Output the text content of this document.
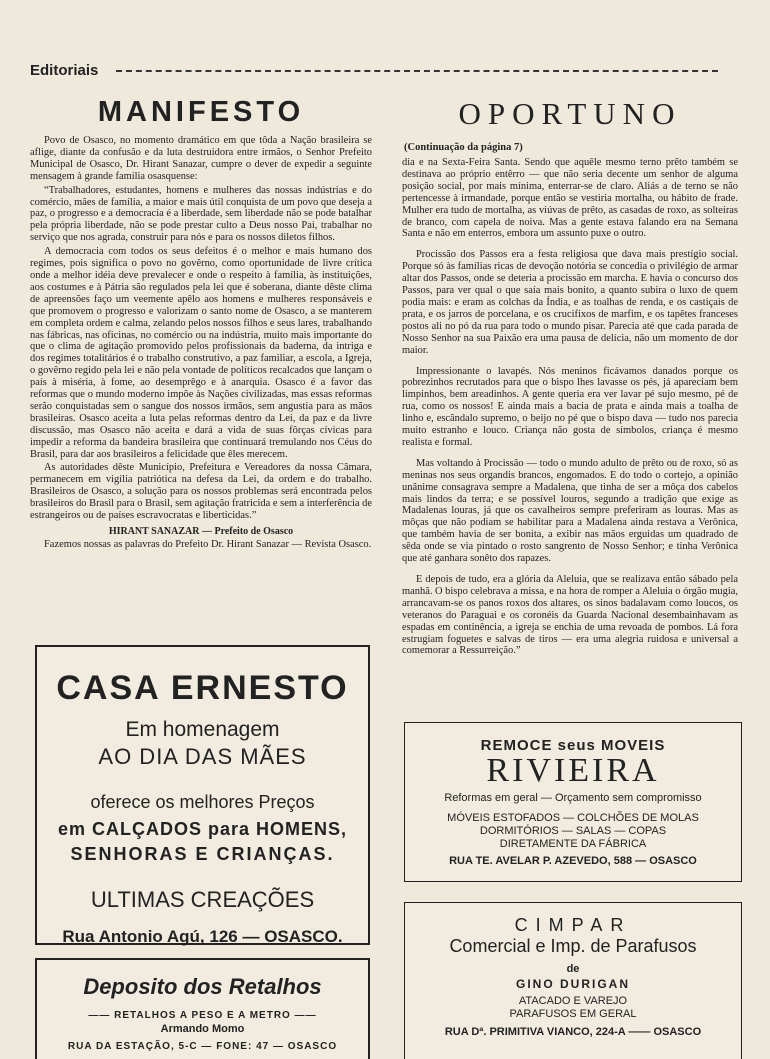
Editoriais
MANIFESTO

Povo de Osasco, no momento dramático em que tôda a Nação brasileira se aflige, diante da confusão e da luta destruidora entre irmãos, o Senhor Prefeito Municipal de Osasco, Dr. Hirant Sanazar, cumpre o dever de expedir a seguinte mensagem à grande família osasquense:

“Trabalhadores, estudantes, homens e mulheres das nossas indústrias e do comércio, mães de família, a maior e mais útil conquista de um povo que deseja a paz, o progresso e a democracia é a liberdade, sem liberdade não se pode batalhar pela própria liberdade, não se pode prestar culto a Deus nosso Pai, trabalhar no serviço que nos agrada, construir para nós e para os nossos diletos filhos.

A democracia com todos os seus defeitos é o melhor e mais humano dos regimes, pois significa o povo no govêrno, como oportunidade de livre crítica onde a melhor idéia deve prevalecer e onde o respeito à família, às instituições, aos costumes e à Pátria são regulados pela lei que é soberana, diante dêste clima de apreensões faço um veemente apêlo aos homens e mulheres responsáveis e que promovem o progresso e valorizam o santo nome de Osasco, a se manterem em completa ordem e calma, zelando pelos nossos filhos e seus lares, trabalhando nas fábricas, nas oficinas, no comércio ou na indústria, muito mais importante do que o clima de agitação promovido pelos profissionais da baderna, da intriga e dos regimes totalitários é o trabalho construtivo, a paz familiar, a escola, a Igreja, o govêrno regido pela lei e não pela vontade de políticos recalcados que lançam o país à miséria, à fome, ao desemprêgo e à anarquia. Osasco é a favor das reformas que o mundo moderno impõe às Nações civilizadas, mas essas reformas serão conquistadas sem o sangue dos nossos irmãos, sem angustia para as mãos brasileiras. Osasco aceita a luta pelas reformas dentro da Lei, da paz e da livre discussão, mas Osasco não aceita e dará a vida de suas fôrças cívicas para impedir a reforma da bandeira brasileira que continuará tremulando nos Céus do Brasil, para dar aos brasileiros a felicidade que êles merecem.

As autoridades dêste Município, Prefeitura e Vereadores da nossa Câmara, permanecem em vigília patriótica na defesa da Lei, da ordem e do trabalho. Brasileiros de Osasco, a solução para os nossos problemas será encontrada pelos brasileiros do Brasil para o Brasil, sem agitação fratricida e sem a interferência de estrangeiros ou de países escravocratas e liberticidas.”

HIRANT SANAZAR — Prefeito de Osasco

Fazemos nossas as palavras do Prefeito Dr. Hirant Sanazar — Revista Osasco.

OPORTUNO
(Continuação da página 7)

dia e na Sexta-Feira Santa. Sendo que aquêle mesmo terno prêto também se destinava ao próprio entêrro — que não seria decente um senhor de alguma posição social, por mais mínima, enterrar-se de claro. Aliás a de terno se não pertencesse à irmandade, porque então se vestiria mortalha, ou hábito de frade. Mulher era tudo de mortalha, as viúvas de prêto, as casadas de roxo, as solteiras de branco, com capela de noiva. Mas a gente estava falando era na Semana Santa e não em enterros, embora um assunto puxe o outro.

Procissão dos Passos era a festa religiosa que dava mais prestígio social. Porque só às famílias ricas de devoção notória se concedia o privilégio de armar altar dos Passos, onde se deteria a procissão em marcha. E havia o concurso dos Passos, para ver qual o que saía mais bonito, a quanto subira o luxo de quem podia mais: e eram as colchas da Índia, e as toalhas de renda, e os castiçais de prata, e os jarros de porcelana, e os crucifixos de marfim, e os tapêtes franceses postos ali no pó da rua para todo o mundo pisar. Parecia até que cada parada de Nosso Senhor na sua Paixão era uma pausa de delícia, não um momento de dor maior.

Impressionante o lavapés. Nós meninos ficávamos danados porque os pobrezinhos recrutados para que o bispo lhes lavasse os pés, já apareciam bem limpinhos, bem areadinhos. A gente queria era ver lavar pé sujo mesmo, pé de rua, como os nossos! E ainda mais a bacia de prata e ainda mais a toalha de linho e, escândalo supremo, o beijo no pé que o bispo dava — tudo nos parecia muito estranho e louco. Criança não gosta de símbolos, criança é mesmo realista e formal.

Mas voltando à Procissão — todo o mundo adulto de prêto ou de roxo, só as meninas nos seus organdis brancos, engomados. E do todo o cortejo, a opinião unânime consagrava sempre a Madalena, que tinha de ser a môça dos cabelos mais lindos da terra; e se possível louros, segundo a tradição que exige as Madalenas louras, já que os cavalheiros sempre preferiram as louras. Mas as môças que não podiam se habilitar para a Madalena ainda restava a Verônica, que também havia de ser bonita, a exibir nas mãos erguidas um quadrado de sêda onde se via pintado o rosto sangrento de Nosso Senhor; e tinha Verônica que até ganhara sonêto dos rapazes.

E depois de tudo, era a glória da Aleluia, que se realizava então sábado pela manhã. O bispo celebrava a missa, e na hora de romper a Aleluia o órgão mugia, arrancavam-se os panos roxos dos altares, os sinos badalavam como loucos, os veteranos do Paraguai e os coronéis da Guarda Nacional desembainhavam as espadas em continência, a igreja se enchia de uma revoada de pombos. Lá fora estrugiam foguetes e salvas de tiros — era uma alegria ruidosa e universal a comemorar a Ressurreição.”

CASA ERNESTO
Em homenagem
AO DIA DAS MÃES
oferece os melhores Preços
em CALÇADOS para HOMENS,
SENHORAS E CRIANÇAS.
ULTIMAS CREAÇÕES
Rua Antonio Agú, 126 — OSASCO.
Deposito dos Retalhos
—— RETALHOS A PESO E A METRO ——
Armando Momo
RUA DA ESTAÇÃO, 5-C — FONE: 47 — OSASCO
REMOCE seus MOVEIS
RIVIEIRA
Reformas em geral — Orçamento sem compromisso
MÓVEIS ESTOFADOS — COLCHÕES DE MOLAS
DORMITÓRIOS — SALAS — COPAS
DIRETAMENTE DA FÁBRICA
RUA TE. AVELAR P. AZEVEDO, 588 — OSASCO
CIMPAR
Comercial e Imp. de Parafusos
de
GINO DURIGAN
ATACADO E VAREJO
PARAFUSOS EM GERAL
RUA Dª. PRIMITIVA VIANCO, 224-A —— OSASCO
